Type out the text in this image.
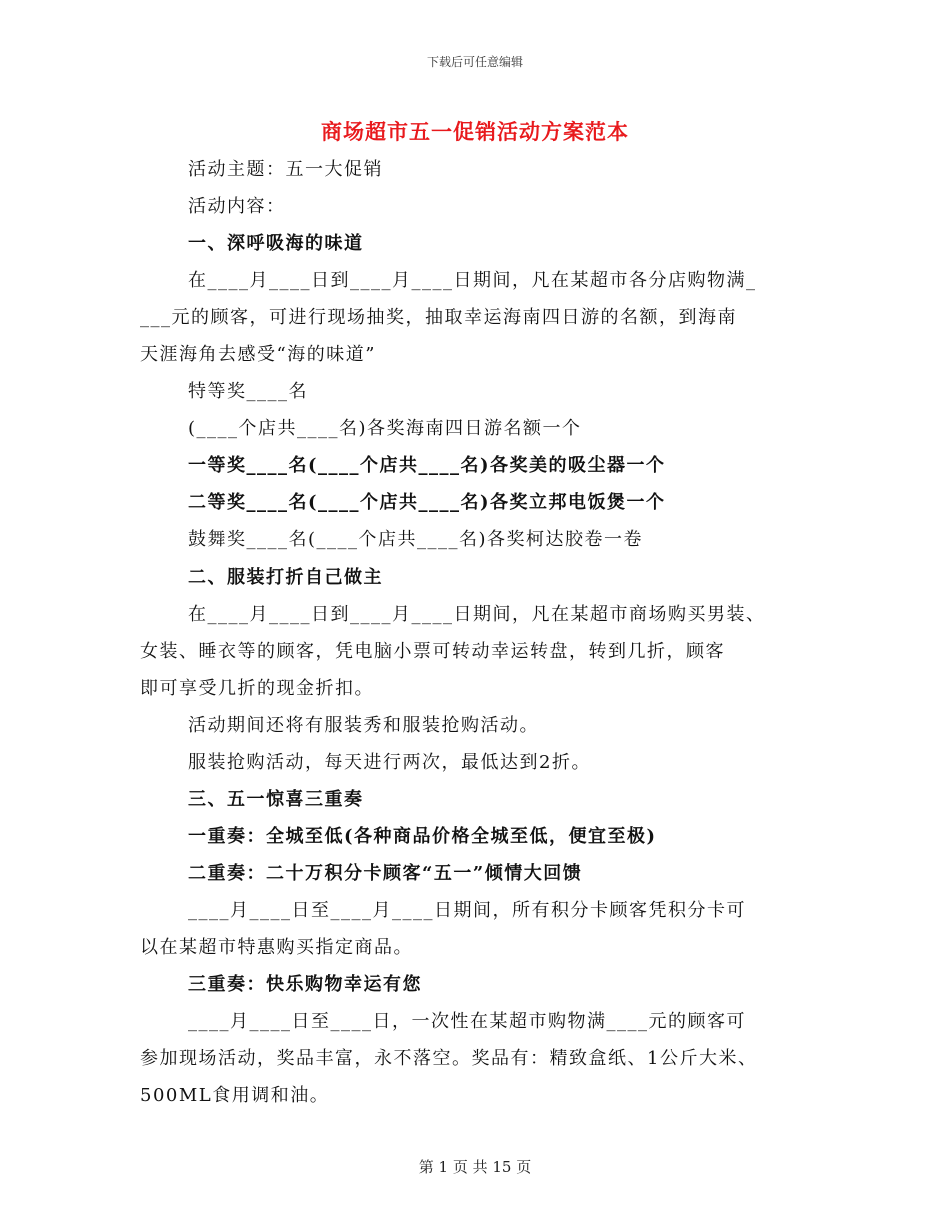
下载后可任意编辑
商场超市五一促销活动方案范本
活动主题：五一大促销
活动内容：
一、深呼吸海的味道
在____月____日到____月____日期间，凡在某超市各分店购物满_
___元的顾客，可进行现场抽奖，抽取幸运海南四日游的名额，到海南
天涯海角去感受“海的味道”
特等奖____名
(____个店共____名)各奖海南四日游名额一个
一等奖____名(____个店共____名)各奖美的吸尘器一个
二等奖____名(____个店共____名)各奖立邦电饭煲一个
鼓舞奖____名(____个店共____名)各奖柯达胶卷一卷
二、服装打折自己做主
在____月____日到____月____日期间，凡在某超市商场购买男装、
女装、睡衣等的顾客，凭电脑小票可转动幸运转盘，转到几折，顾客
即可享受几折的现金折扣。
活动期间还将有服装秀和服装抢购活动。
服装抢购活动，每天进行两次，最低达到2折。
三、五一惊喜三重奏
一重奏：全城至低(各种商品价格全城至低，便宜至极)
二重奏：二十万积分卡顾客“五一”倾情大回馈
____月____日至____月____日期间，所有积分卡顾客凭积分卡可
以在某超市特惠购买指定商品。
三重奏：快乐购物幸运有您
____月____日至____日，一次性在某超市购物满____元的顾客可
参加现场活动，奖品丰富，永不落空。奖品有：精致盒纸、1公斤大米、
500ML食用调和油。
第 1 页 共 15 页
